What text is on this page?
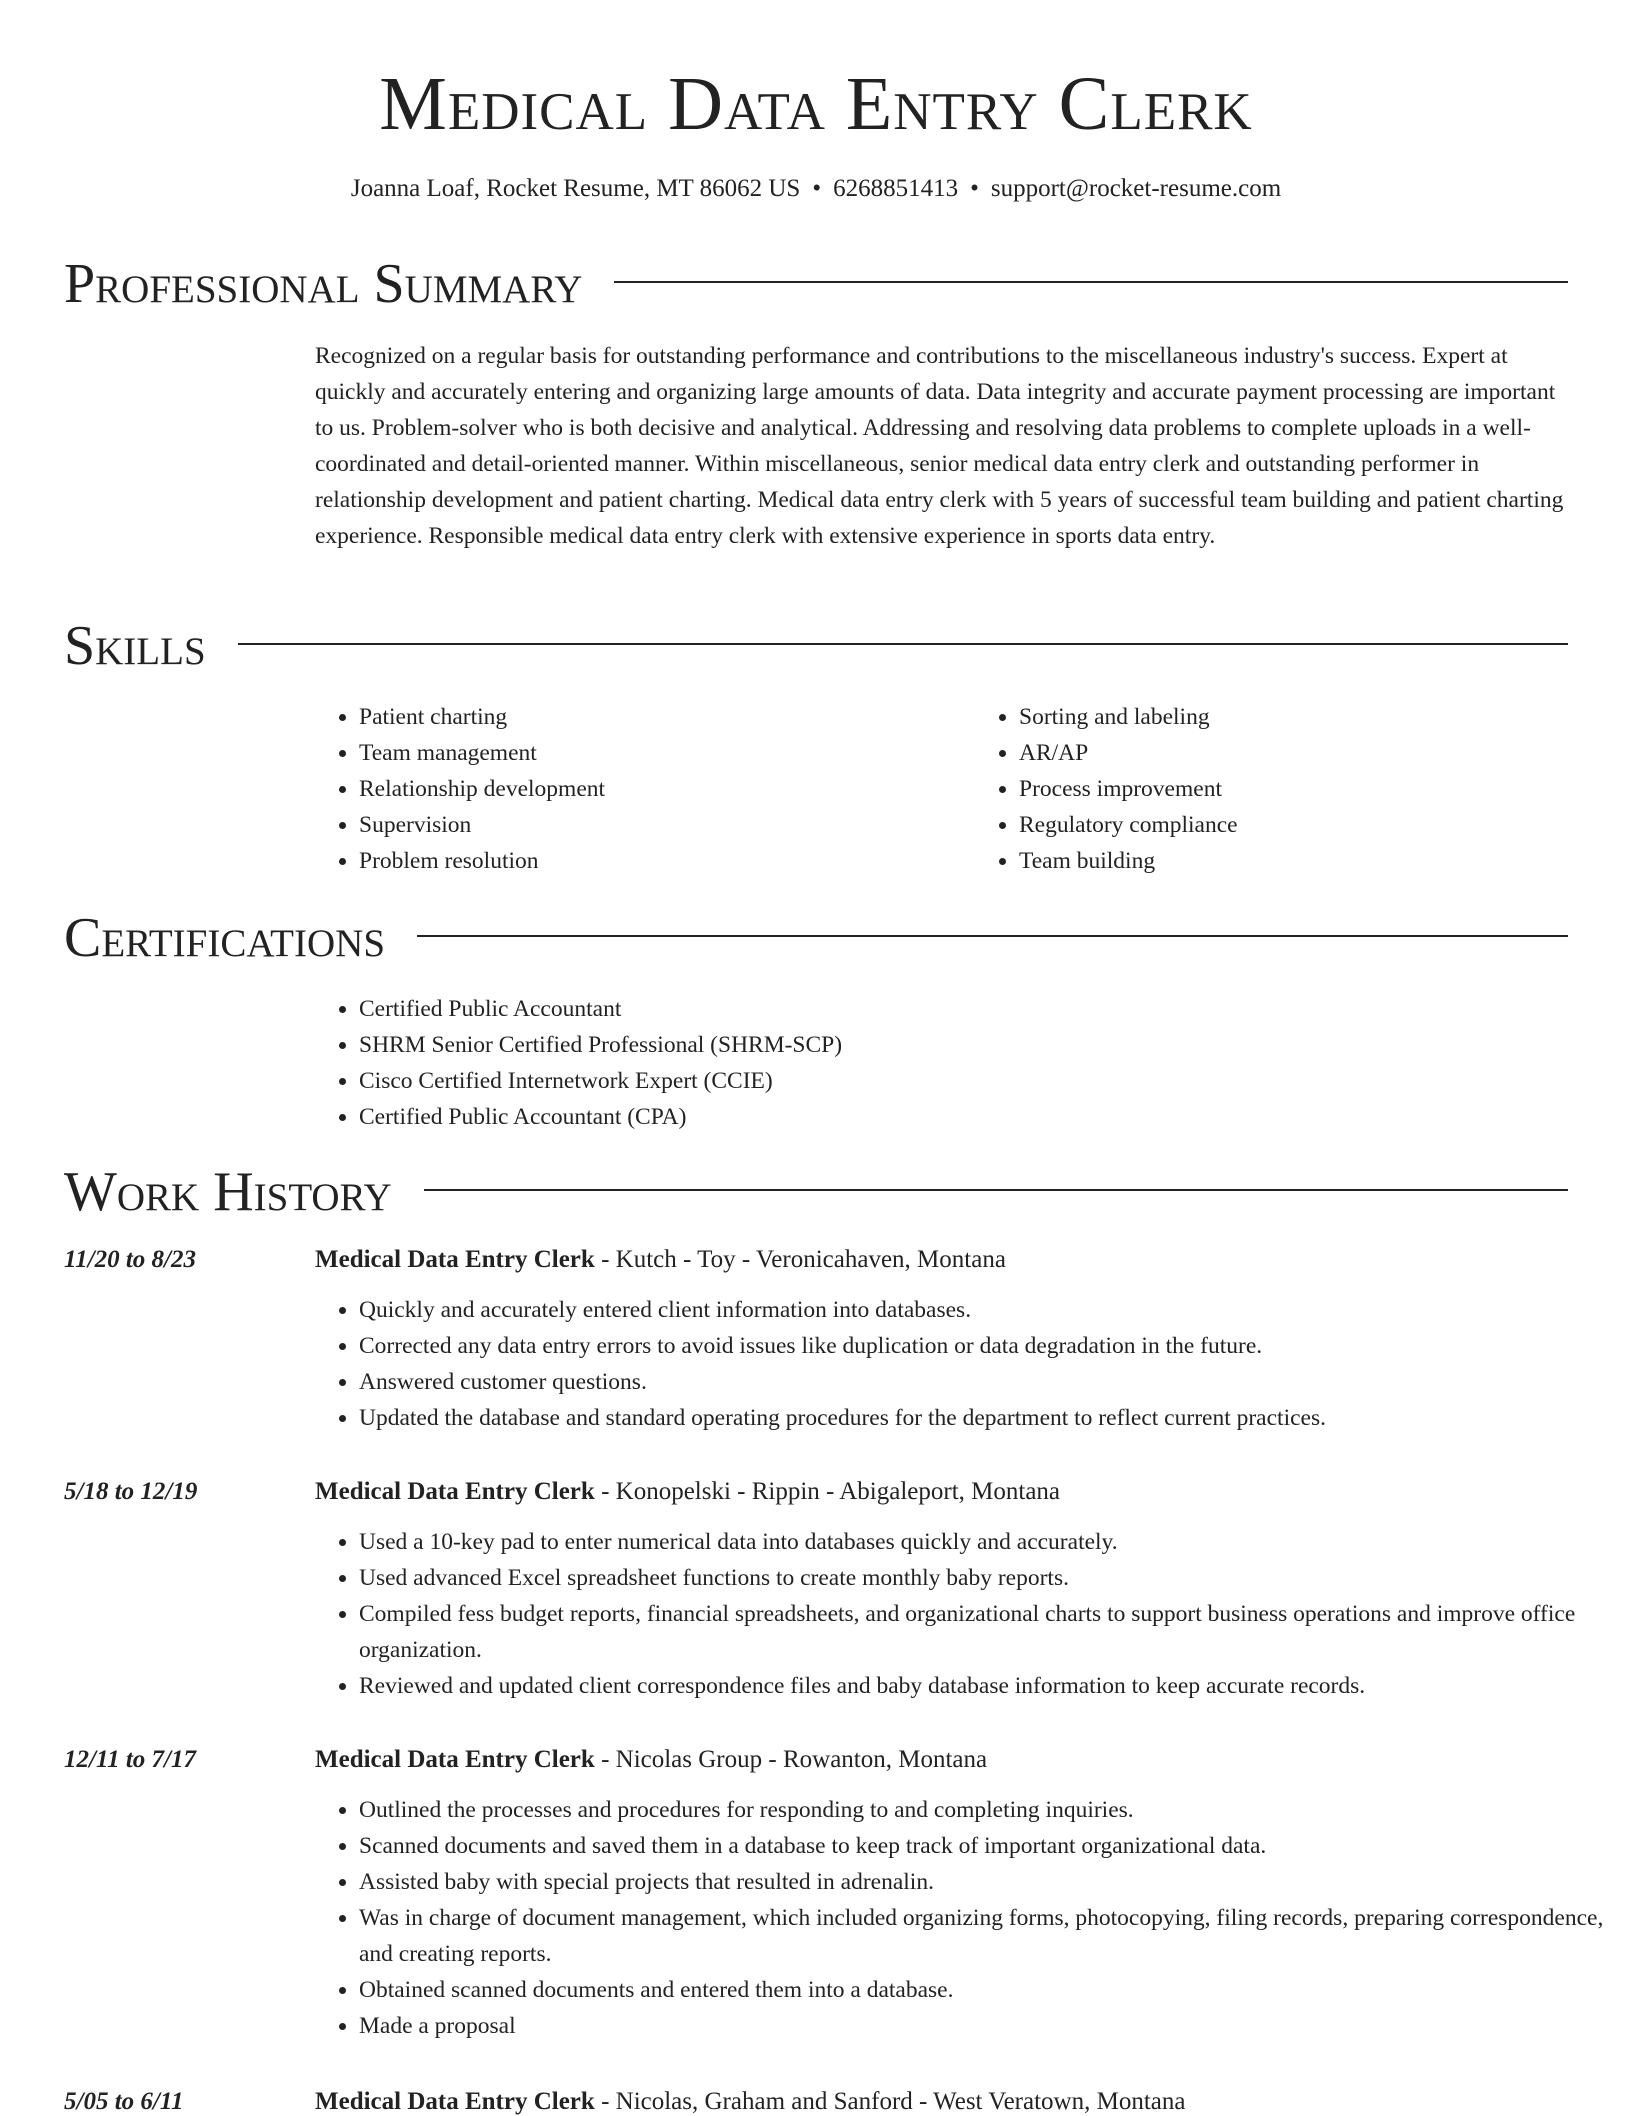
Medical Data Entry Clerk
Joanna Loaf, Rocket Resume, MT 86062 US • 6268851413 • support@rocket-resume.com
Professional Summary

Recognized on a regular basis for outstanding performance and contributions to the miscellaneous industry's success. Expert at quickly and accurately entering and organizing large amounts of data. Data integrity and accurate payment processing are important to us. Problem-solver who is both decisive and analytical. Addressing and resolving data problems to complete uploads in a well-coordinated and detail-oriented manner. Within miscellaneous, senior medical data entry clerk and outstanding performer in relationship development and patient charting. Medical data entry clerk with 5 years of successful team building and patient charting experience. Responsible medical data entry clerk with extensive experience in sports data entry.

Skills
• Patient charting
• Team management
• Relationship development
• Supervision
• Problem resolution
• Sorting and labeling
• AR/AP
• Process improvement
• Regulatory compliance
• Team building
Certifications
• Certified Public Accountant
• SHRM Senior Certified Professional (SHRM-SCP)
• Cisco Certified Internetwork Expert (CCIE)
• Certified Public Accountant (CPA)
Work History
11/20 to 8/23	Medical Data Entry Clerk - Kutch - Toy - Veronicahaven, Montana
• Quickly and accurately entered client information into databases.
• Corrected any data entry errors to avoid issues like duplication or data degradation in the future.
• Answered customer questions.
• Updated the database and standard operating procedures for the department to reflect current practices.
5/18 to 12/19	Medical Data Entry Clerk - Konopelski - Rippin - Abigaleport, Montana
• Used a 10-key pad to enter numerical data into databases quickly and accurately.
• Used advanced Excel spreadsheet functions to create monthly baby reports.
• Compiled fess budget reports, financial spreadsheets, and organizational charts to support business operations and improve office organization.
• Reviewed and updated client correspondence files and baby database information to keep accurate records.
12/11 to 7/17	Medical Data Entry Clerk - Nicolas Group - Rowanton, Montana
• Outlined the processes and procedures for responding to and completing inquiries.
• Scanned documents and saved them in a database to keep track of important organizational data.
• Assisted baby with special projects that resulted in adrenalin.
• Was in charge of document management, which included organizing forms, photocopying, filing records, preparing correspondence, and creating reports.
• Obtained scanned documents and entered them into a database.
• Made a proposal
5/05 to 6/11	Medical Data Entry Clerk - Nicolas, Graham and Sanford - West Veratown, Montana
